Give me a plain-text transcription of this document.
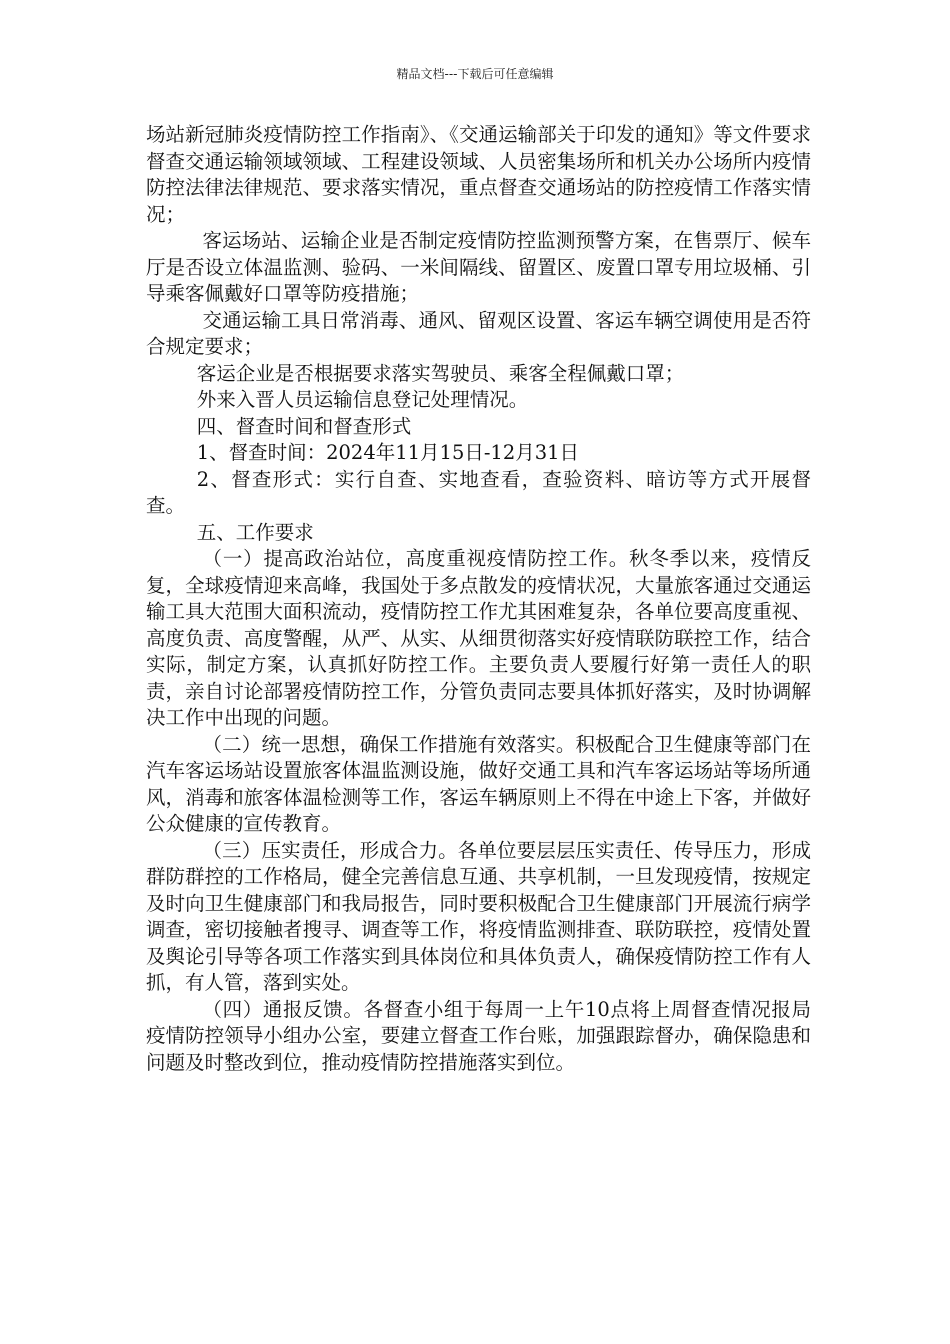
精品文档---下载后可任意编辑

场站新冠肺炎疫情防控工作指南》、《交通运输部关于印发的通知》等文件要求督查交通运输领域领域、工程建设领域、人员密集场所和机关办公场所内疫情防控法律法律规范、要求落实情况，重点督查交通场站的防控疫情工作落实情况；

客运场站、运输企业是否制定疫情防控监测预警方案，在售票厅、候车厅是否设立体温监测、验码、一米间隔线、留置区、废置口罩专用垃圾桶、引导乘客佩戴好口罩等防疫措施；

交通运输工具日常消毒、通风、留观区设置、客运车辆空调使用是否符合规定要求；

客运企业是否根据要求落实驾驶员、乘客全程佩戴口罩；

外来入晋人员运输信息登记处理情况。

四、督查时间和督查形式

1、督查时间：2024年11月15日-12月31日

2、督查形式：实行自查、实地查看，查验资料、暗访等方式开展督查。

五、工作要求

（一）提高政治站位，高度重视疫情防控工作。秋冬季以来，疫情反复，全球疫情迎来高峰，我国处于多点散发的疫情状况，大量旅客通过交通运输工具大范围大面积流动，疫情防控工作尤其困难复杂，各单位要高度重视、高度负责、高度警醒，从严、从实、从细贯彻落实好疫情联防联控工作，结合实际，制定方案，认真抓好防控工作。主要负责人要履行好第一责任人的职责，亲自讨论部署疫情防控工作，分管负责同志要具体抓好落实，及时协调解决工作中出现的问题。

（二）统一思想，确保工作措施有效落实。积极配合卫生健康等部门在汽车客运场站设置旅客体温监测设施，做好交通工具和汽车客运场站等场所通风，消毒和旅客体温检测等工作，客运车辆原则上不得在中途上下客，并做好公众健康的宣传教育。

（三）压实责任，形成合力。各单位要层层压实责任、传导压力，形成群防群控的工作格局，健全完善信息互通、共享机制，一旦发现疫情，按规定及时向卫生健康部门和我局报告，同时要积极配合卫生健康部门开展流行病学调查，密切接触者搜寻、调查等工作，将疫情监测排查、联防联控，疫情处置及舆论引导等各项工作落实到具体岗位和具体负责人，确保疫情防控工作有人抓，有人管，落到实处。

（四）通报反馈。各督查小组于每周一上午10点将上周督查情况报局疫情防控领导小组办公室，要建立督查工作台账，加强跟踪督办，确保隐患和问题及时整改到位，推动疫情防控措施落实到位。
